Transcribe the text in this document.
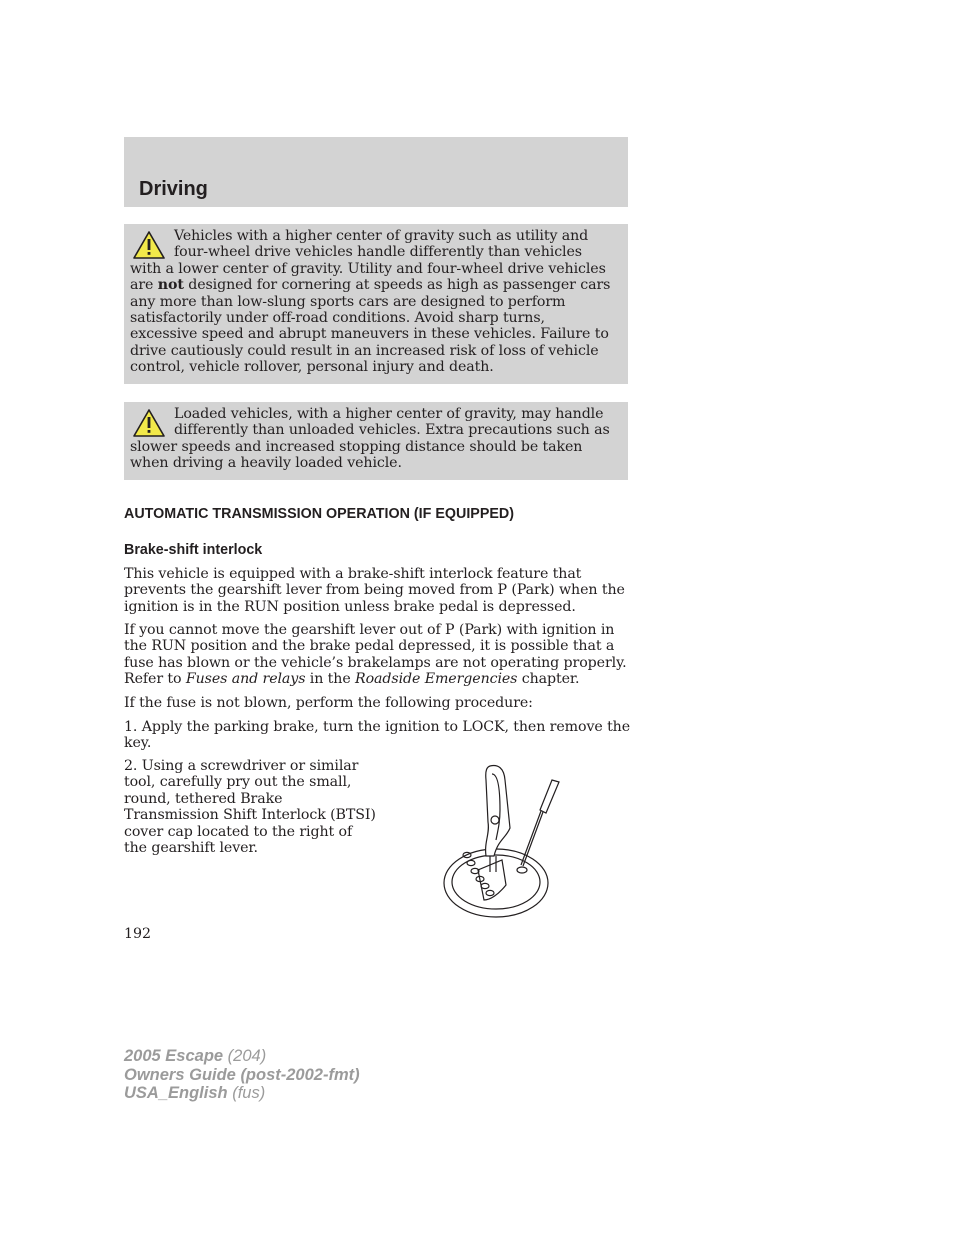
Driving

Vehicles with a higher center of gravity such as utility and four-wheel drive vehicles handle differently than vehicles with a lower center of gravity. Utility and four-wheel drive vehicles are not designed for cornering at speeds as high as passenger cars any more than low-slung sports cars are designed to perform satisfactorily under off-road conditions. Avoid sharp turns, excessive speed and abrupt maneuvers in these vehicles. Failure to drive cautiously could result in an increased risk of loss of vehicle control, vehicle rollover, personal injury and death.

Loaded vehicles, with a higher center of gravity, may handle differently than unloaded vehicles. Extra precautions such as slower speeds and increased stopping distance should be taken when driving a heavily loaded vehicle.

AUTOMATIC TRANSMISSION OPERATION (IF EQUIPPED)
Brake-shift interlock

This vehicle is equipped with a brake-shift interlock feature that prevents the gearshift lever from being moved from P (Park) when the ignition is in the RUN position unless brake pedal is depressed.

If you cannot move the gearshift lever out of P (Park) with ignition in the RUN position and the brake pedal depressed, it is possible that a fuse has blown or the vehicle’s brakelamps are not operating properly. Refer to Fuses and relays in the Roadside Emergencies chapter.

If the fuse is not blown, perform the following procedure:

1. Apply the parking brake, turn the ignition to LOCK, then remove the key.

2. Using a screwdriver or similar tool, carefully pry out the small, round, tethered Brake Transmission Shift Interlock (BTSI) cover cap located to the right of the gearshift lever.

192

2005 Escape (204)
Owners Guide (post-2002-fmt)
USA_English (fus)
